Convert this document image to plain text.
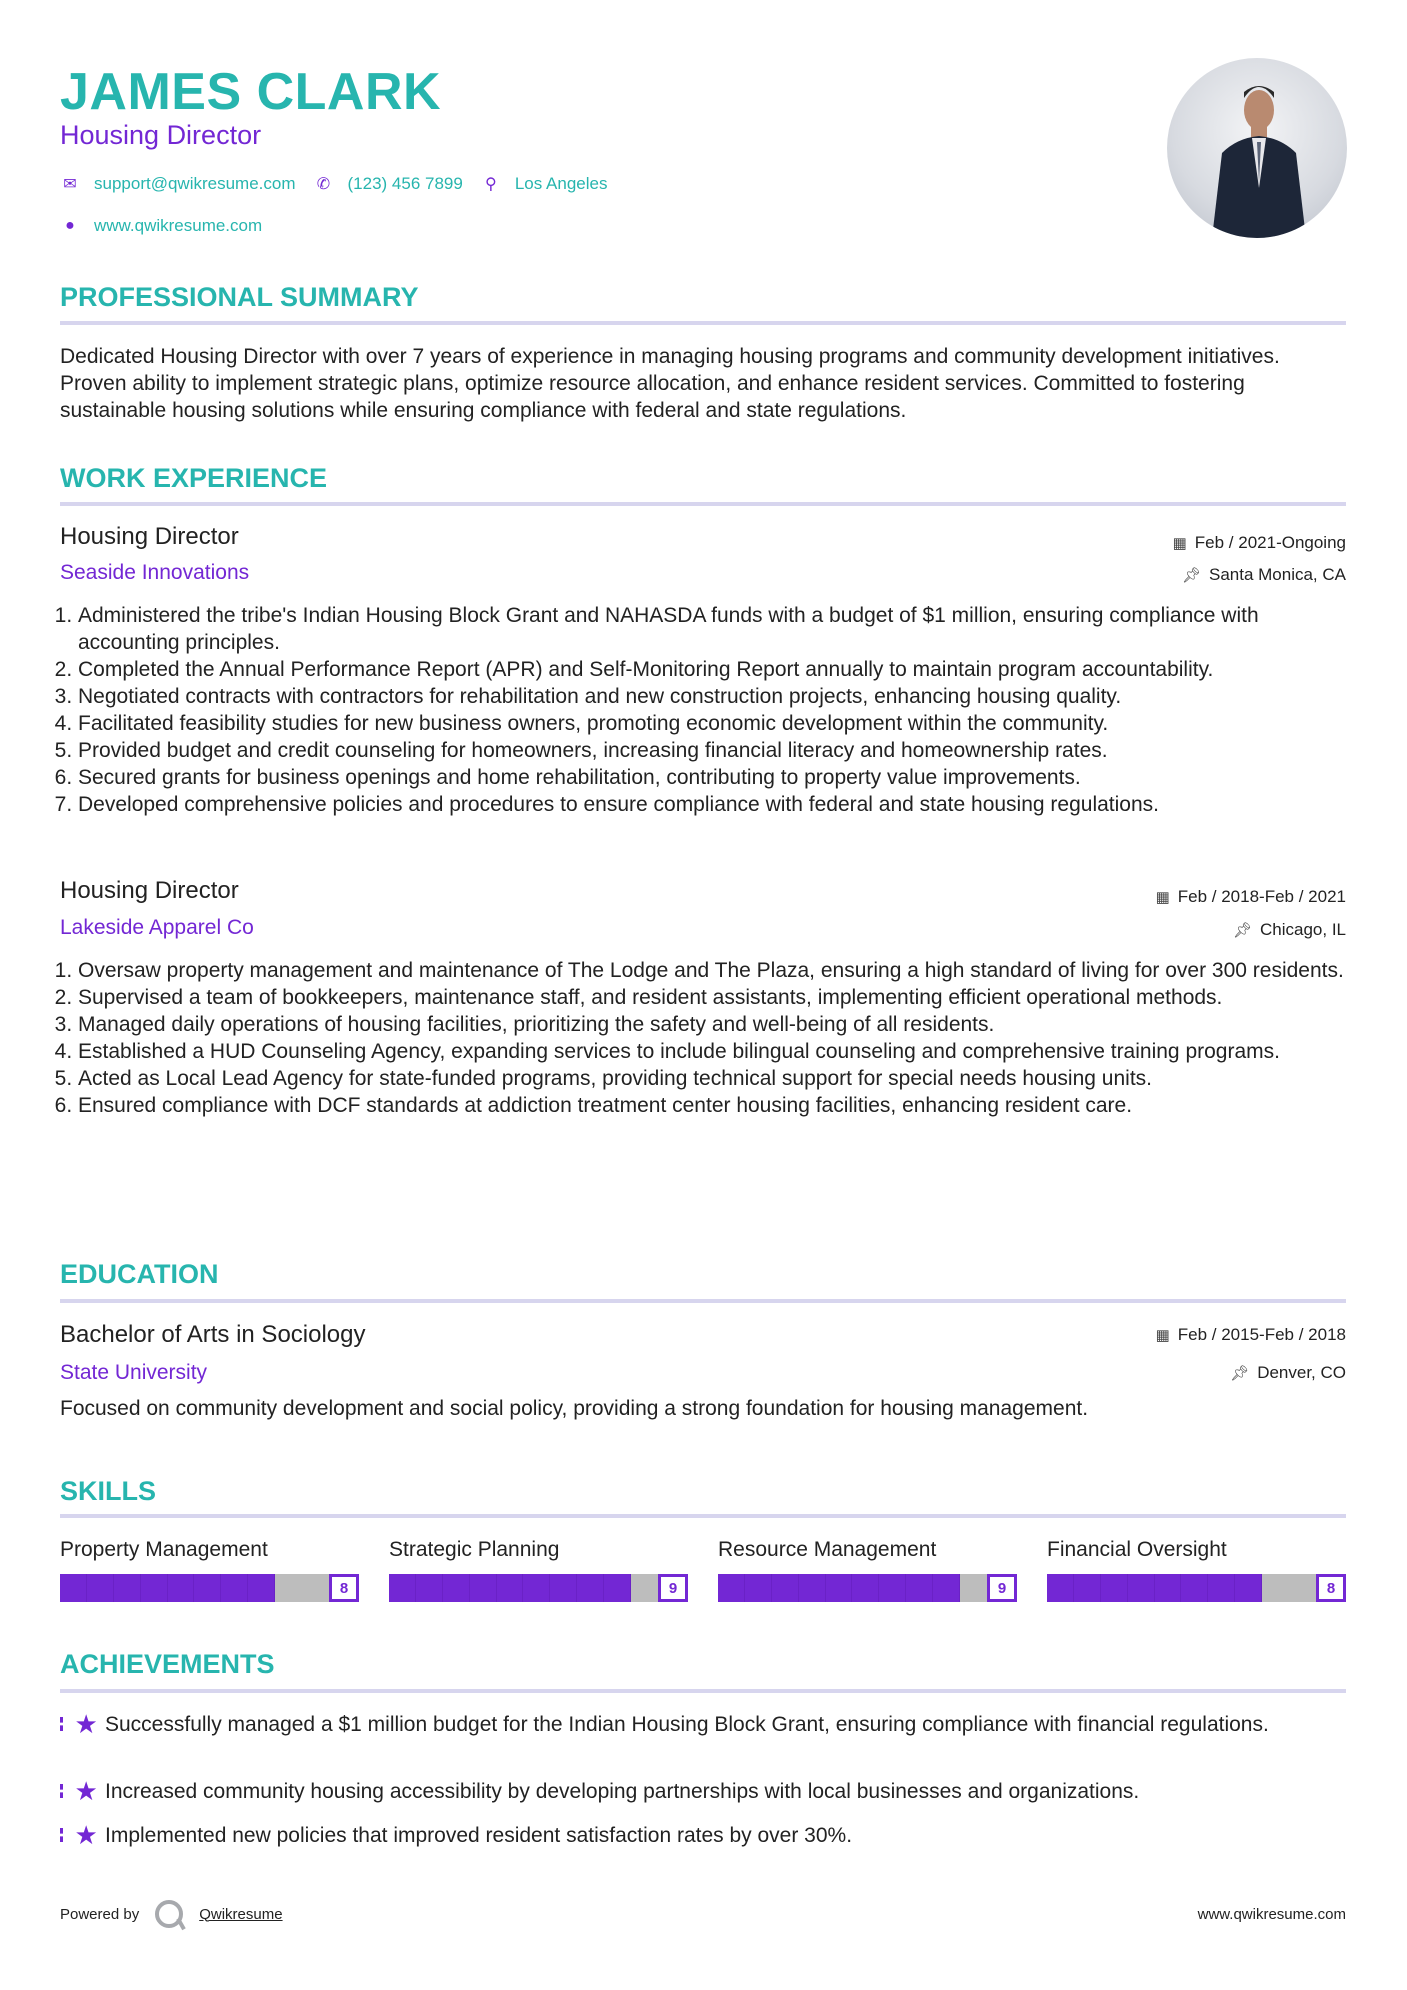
JAMES CLARK
Housing Director
✉ support@qwikresume.com ✆ (123) 456 7899 ⚲ Los Angeles
●	www.qwikresume.com
PROFESSIONAL SUMMARY
Dedicated Housing Director with over 7 years of experience in managing housing programs and community development initiatives. Proven ability to implement strategic plans, optimize resource allocation, and enhance resident services. Committed to fostering sustainable housing solutions while ensuring compliance with federal and state regulations.
WORK EXPERIENCE
Housing Director	▦ Feb / 2021-Ongoing
Seaside Innovations	📌︎ Santa Monica, CA
1. Administered the tribe's Indian Housing Block Grant and NAHASDA funds with a budget of $1 million, ensuring compliance with accounting principles.
2. Completed the Annual Performance Report (APR) and Self-Monitoring Report annually to maintain program accountability.
3. Negotiated contracts with contractors for rehabilitation and new construction projects, enhancing housing quality.
4. Facilitated feasibility studies for new business owners, promoting economic development within the community.
5. Provided budget and credit counseling for homeowners, increasing financial literacy and homeownership rates.
6. Secured grants for business openings and home rehabilitation, contributing to property value improvements.
7. Developed comprehensive policies and procedures to ensure compliance with federal and state housing regulations.
Housing Director	▦ Feb / 2018-Feb / 2021
Lakeside Apparel Co	📌︎ Chicago, IL
1. Oversaw property management and maintenance of The Lodge and The Plaza, ensuring a high standard of living for over 300 residents.
2. Supervised a team of bookkeepers, maintenance staff, and resident assistants, implementing efficient operational methods.
3. Managed daily operations of housing facilities, prioritizing the safety and well-being of all residents.
4. Established a HUD Counseling Agency, expanding services to include bilingual counseling and comprehensive training programs.
5. Acted as Local Lead Agency for state-funded programs, providing technical support for special needs housing units.
6. Ensured compliance with DCF standards at addiction treatment center housing facilities, enhancing resident care.
EDUCATION
Bachelor of Arts in Sociology	▦ Feb / 2015-Feb / 2018
State University	📌︎ Denver, CO
Focused on community development and social policy, providing a strong foundation for housing management.
SKILLS
Property Management
8
Strategic Planning
9
Resource Management
9
Financial Oversight
8
ACHIEVEMENTS
★ Successfully managed a $1 million budget for the Indian Housing Block Grant, ensuring compliance with financial regulations.
★ Increased community housing accessibility by developing partnerships with local businesses and organizations.
★ Implemented new policies that improved resident satisfaction rates by over 30%.
Powered by	Qwikresume	www.qwikresume.com
